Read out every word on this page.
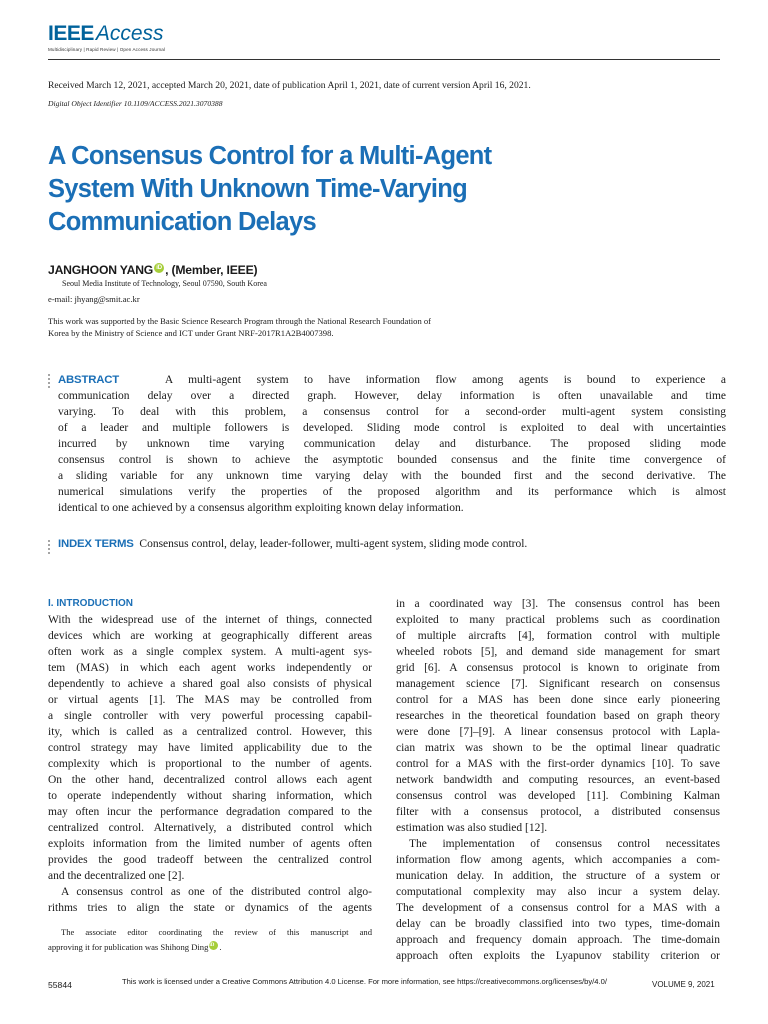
IEEEAccess
Multidisciplinary | Rapid Review | Open Access Journal
Received March 12, 2021, accepted March 20, 2021, date of publication April 1, 2021, date of current version April 16, 2021.
Digital Object Identifier 10.1109/ACCESS.2021.3070388
A Consensus Control for a Multi-Agent
System With Unknown Time-Varying
Communication Delays
JANGHOON YANG iD , (Member, IEEE)
Seoul Media Institute of Technology, Seoul 07590, South Korea
e-mail: jhyang@smit.ac.kr
This work was supported by the Basic Science Research Program through the National Research Foundation of
Korea by the Ministry of Science and ICT under Grant NRF-2017R1A2B4007398.
ABSTRACT	A multi-agent system to have information flow among agents is bound to experience a
communication delay over a directed graph. However, delay information is often unavailable and time
varying. To deal with this problem, a consensus control for a second-order multi-agent system consisting
of a leader and multiple followers is developed. Sliding mode control is exploited to deal with uncertainties
incurred by unknown time varying communication delay and disturbance. The proposed sliding mode
consensus control is shown to achieve the asymptotic bounded consensus and the finite time convergence of
a sliding variable for any unknown time varying delay with the bounded first and the second derivative. The
numerical simulations verify the properties of the proposed algorithm and its performance which is almost
identical to one achieved by a consensus algorithm exploiting known delay information.
INDEX TERMS Consensus control, delay, leader-follower, multi-agent system, sliding mode control.
I. INTRODUCTION
With the widespread use of the internet of things, connected
devices which are working at geographically different areas
often work as a single complex system. A multi-agent sys-
tem (MAS) in which each agent works independently or
dependently to achieve a shared goal also consists of physical
or virtual agents [1]. The MAS may be controlled from
a single controller with very powerful processing capabil-
ity, which is called as a centralized control. However, this
control strategy may have limited applicability due to the
complexity which is proportional to the number of agents.
On the other hand, decentralized control allows each agent
to operate independently without sharing information, which
may often incur the performance degradation compared to the
centralized control. Alternatively, a distributed control which
exploits information from the limited number of agents often
provides the good tradeoff between the centralized control
and the decentralized one [2].
A consensus control as one of the distributed control algo-
rithms tries to align the state or dynamics of the agents
The associate editor coordinating the review of this manuscript and
approving it for publication was Shihong DingiD .
in a coordinated way [3]. The consensus control has been
exploited to many practical problems such as coordination
of multiple aircrafts [4], formation control with multiple
wheeled robots [5], and demand side management for smart
grid [6]. A consensus protocol is known to originate from
management science [7]. Significant research on consensus
control for a MAS has been done since early pioneering
researches in the theoretical foundation based on graph theory
were done [7]–[9]. A linear consensus protocol with Lapla-
cian matrix was shown to be the optimal linear quadratic
control for a MAS with the first-order dynamics [10]. To save
network bandwidth and computing resources, an event-based
consensus control was developed [11]. Combining Kalman
filter with a consensus protocol, a distributed consensus
estimation was also studied [12].
The implementation of consensus control necessitates
information flow among agents, which accompanies a com-
munication delay. In addition, the structure of a system or
computational complexity may also incur a system delay.
The development of a consensus control for a MAS with a
delay can be broadly classified into two types, time-domain
approach and frequency domain approach. The time-domain
approach often exploits the Lyapunov stability criterion or
55844	This work is licensed under a Creative Commons Attribution 4.0 License. For more information, see https://creativecommons.org/licenses/by/4.0/	VOLUME 9, 2021
